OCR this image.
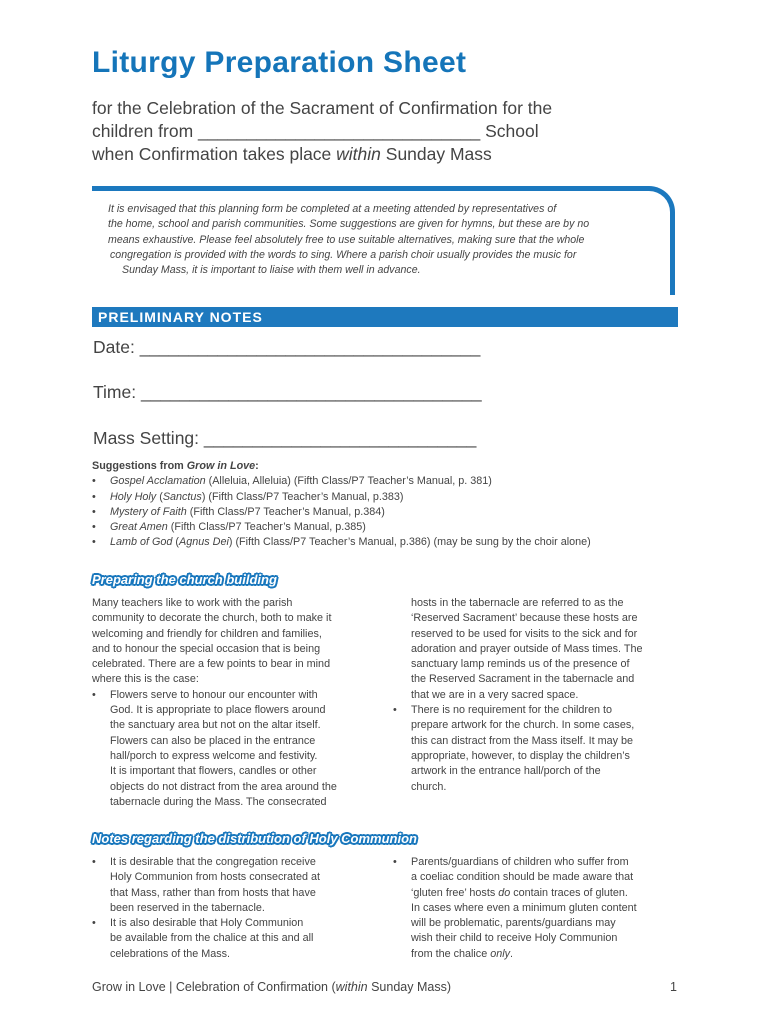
Liturgy Preparation Sheet
for the Celebration of the Sacrament of Confirmation for the
children from _____________________________ School
when Confirmation takes place within Sunday Mass
It is envisaged that this planning form be completed at a meeting attended by representatives of
the home, school and parish communities. Some suggestions are given for hymns, but these are by no
means exhaustive. Please feel absolutely free to use suitable alternatives, making sure that the whole
congregation is provided with the words to sing. Where a parish choir usually provides the music for
Sunday Mass, it is important to liaise with them well in advance.
PRELIMINARY NOTES
Date: ___________________________________
Time: ___________________________________
Mass Setting: ____________________________
Suggestions from Grow in Love:
• Gospel Acclamation (Alleluia, Alleluia) (Fifth Class/P7 Teacher’s Manual, p. 381)
• Holy Holy (Sanctus) (Fifth Class/P7 Teacher’s Manual, p.383)
• Mystery of Faith (Fifth Class/P7 Teacher’s Manual, p.384)
• Great Amen (Fifth Class/P7 Teacher’s Manual, p.385)
• Lamb of God (Agnus Dei) (Fifth Class/P7 Teacher’s Manual, p.386) (may be sung by the choir alone)
Preparing the church building
Many teachers like to work with the parish
community to decorate the church, both to make it
welcoming and friendly for children and families,
and to honour the special occasion that is being
celebrated. There are a few points to bear in mind
where this is the case:
• Flowers serve to honour our encounter with
God. It is appropriate to place flowers around
the sanctuary area but not on the altar itself.
Flowers can also be placed in the entrance
hall/porch to express welcome and festivity.
It is important that flowers, candles or other
objects do not distract from the area around the
tabernacle during the Mass. The consecrated
hosts in the tabernacle are referred to as the
‘Reserved Sacrament’ because these hosts are
reserved to be used for visits to the sick and for
adoration and prayer outside of Mass times. The
sanctuary lamp reminds us of the presence of
the Reserved Sacrament in the tabernacle and
that we are in a very sacred space.
• There is no requirement for the children to
prepare artwork for the church. In some cases,
this can distract from the Mass itself. It may be
appropriate, however, to display the children’s
artwork in the entrance hall/porch of the
church.
Notes regarding the distribution of Holy Communion
• It is desirable that the congregation receive
Holy Communion from hosts consecrated at
that Mass, rather than from hosts that have
been reserved in the tabernacle.
• It is also desirable that Holy Communion
be available from the chalice at this and all
celebrations of the Mass.
• Parents/guardians of children who suffer from
a coeliac condition should be made aware that
‘gluten free’ hosts do contain traces of gluten.
In cases where even a minimum gluten content
will be problematic, parents/guardians may
wish their child to receive Holy Communion
from the chalice only.
Grow in Love | Celebration of Confirmation (within Sunday Mass)	1
